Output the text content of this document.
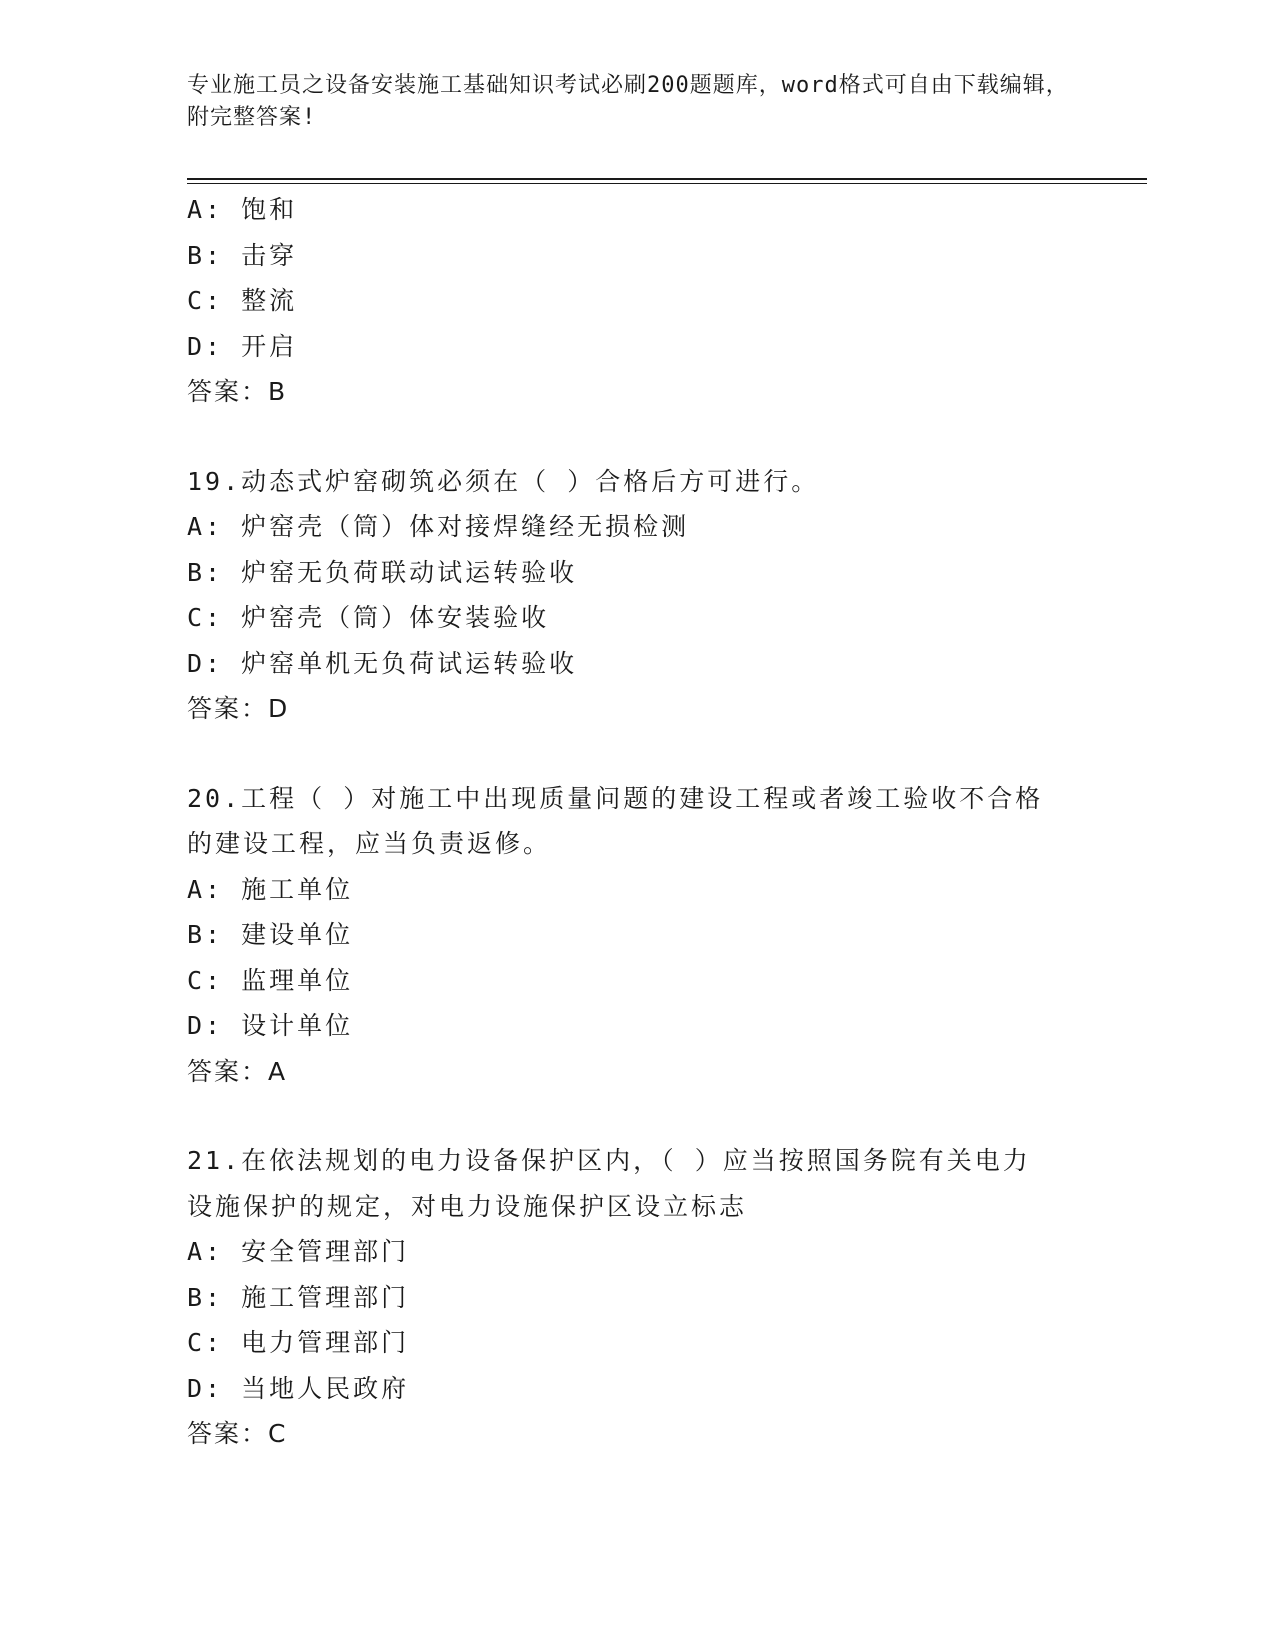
专业施工员之设备安装施工基础知识考试必刷200题题库，word格式可自由下载编辑，附完整答案!
A: 饱和
B: 击穿
C: 整流
D: 开启
答案：B
19.动态式炉窑砌筑必须在（ ）合格后方可进行。
A: 炉窑壳（筒）体对接焊缝经无损检测
B: 炉窑无负荷联动试运转验收
C: 炉窑壳（筒）体安装验收
D: 炉窑单机无负荷试运转验收
答案：D
20.工程（ ）对施工中出现质量问题的建设工程或者竣工验收不合格的建设工程，应当负责返修。
A: 施工单位
B: 建设单位
C: 监理单位
D: 设计单位
答案：A
21.在依法规划的电力设备保护区内，（ ）应当按照国务院有关电力设施保护的规定，对电力设施保护区设立标志
A: 安全管理部门
B: 施工管理部门
C: 电力管理部门
D: 当地人民政府
答案：C
